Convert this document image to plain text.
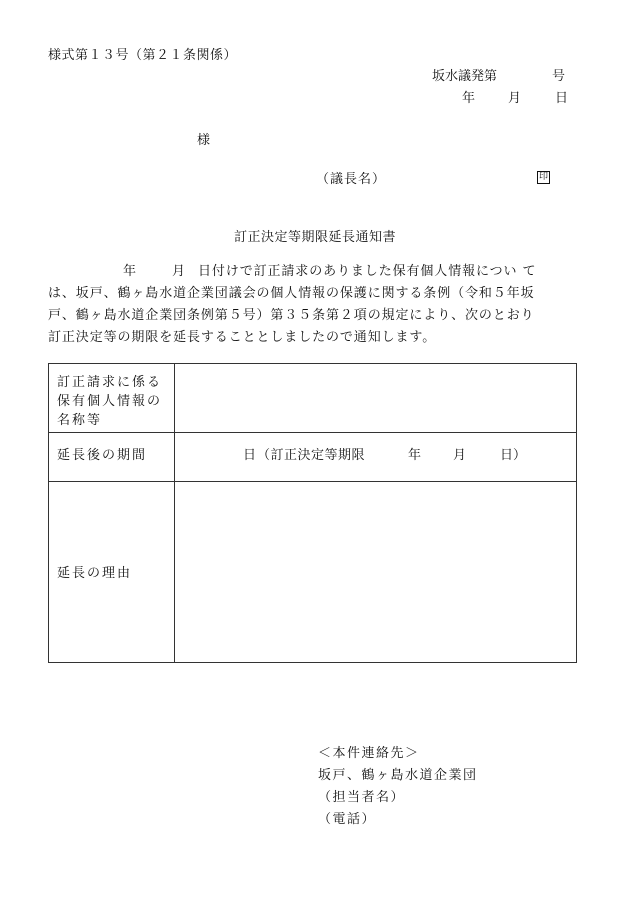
様式第１３号（第２１条関係）
坂水議発第	号
年	月	日
様
（議長名）	印
訂正決定等期限延長通知書
年	月 日付けで訂正請求のありました保有個人情報につい て
は、坂戸、鶴ヶ島水道企業団議会の個人情報の保護に関する条例（令和５年坂
戸、鶴ヶ島水道企業団条例第５号）第３５条第２項の規定により、次のとおり
訂正決定等の期限を延長することとしましたので通知します。
訂正請求に係る
保有個人情報の
名称等
延長後の期間	日 （訂正決定等期限	年 月	日）
延長の理由
＜本件連絡先＞
坂戸、鶴ヶ島水道企業団
（担当者名）
（電話）
